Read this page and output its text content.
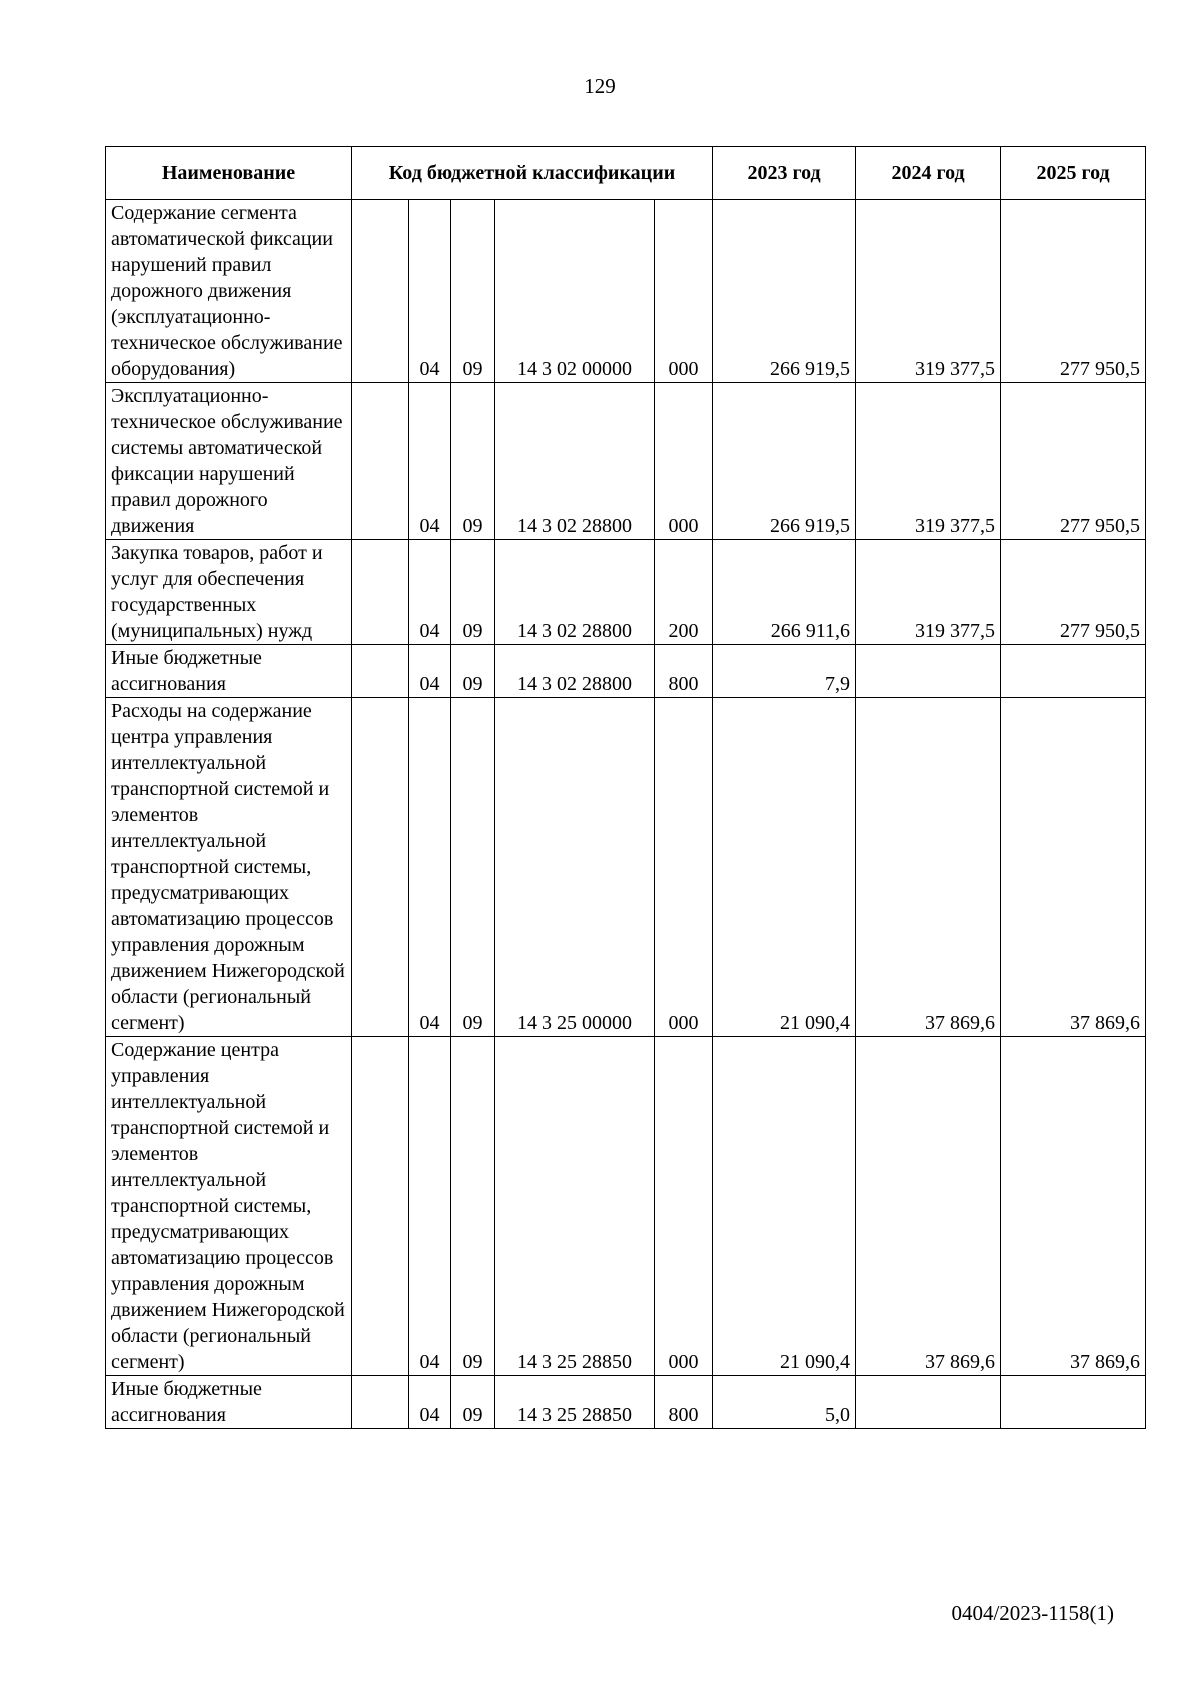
129
Наименование	Код бюджетной классификации					2023 год	2024 год	2025 год
Содержание сегмента автоматической фиксации нарушений правил дорожного движения (эксплуатационно-техническое обслуживание оборудования)		04	09	14 3 02 00000	000	266 919,5	319 377,5	277 950,5
Эксплуатационно-техническое обслуживание системы автоматической фиксации нарушений правил дорожного движения		04	09	14 3 02 28800	000	266 919,5	319 377,5	277 950,5
Закупка товаров, работ и услуг для обеспечения государственных (муниципальных) нужд		04	09	14 3 02 28800	200	266 911,6	319 377,5	277 950,5
Иные бюджетные ассигнования		04	09	14 3 02 28800	800	7,9		
Расходы на содержание центра управления интеллектуальной транспортной системой и элементов интеллектуальной транспортной системы, предусматривающих автоматизацию процессов управления дорожным движением Нижегородской области (региональный сегмент)		04	09	14 3 25 00000	000	21 090,4	37 869,6	37 869,6
Содержание центра управления интеллектуальной транспортной системой и элементов интеллектуальной транспортной системы, предусматривающих автоматизацию процессов управления дорожным движением Нижегородской области (региональный сегмент)		04	09	14 3 25 28850	000	21 090,4	37 869,6	37 869,6
Иные бюджетные ассигнования		04	09	14 3 25 28850	800	5,0		
0404/2023-1158(1)
